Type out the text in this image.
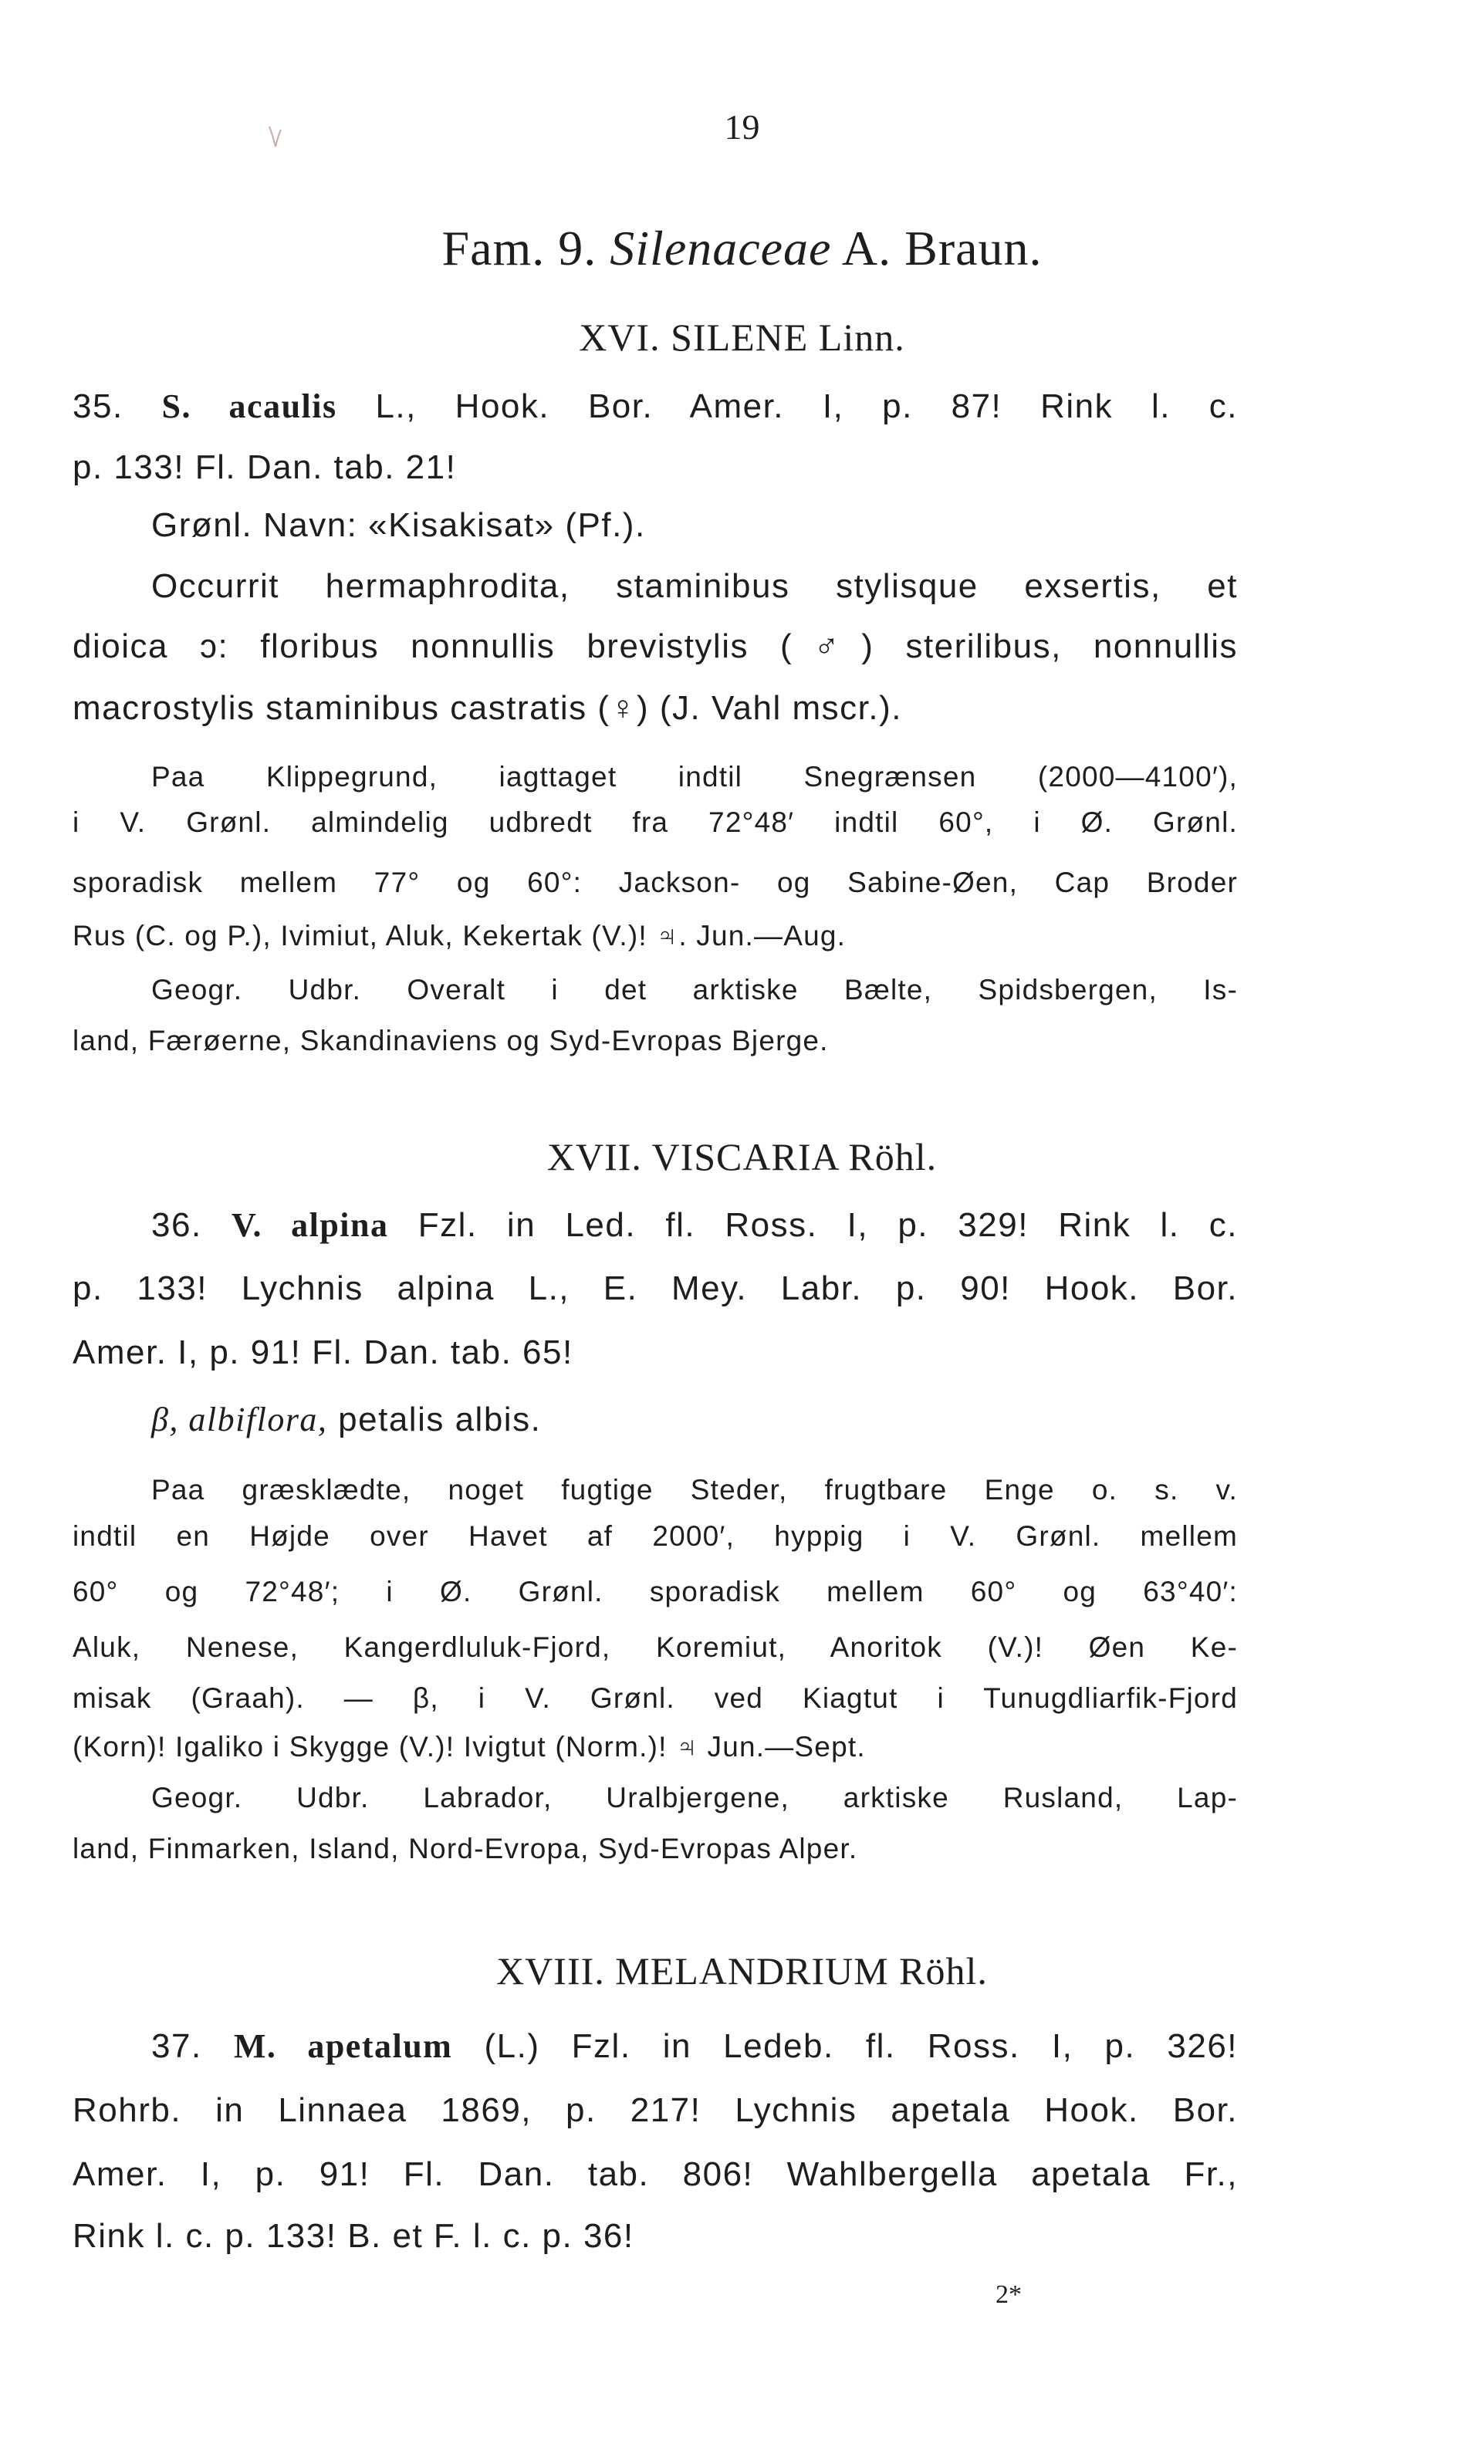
19
Fam. 9. Silenaceae A. Braun.
XVI. SILENE Linn.
35. S. acaulis L., Hook. Bor. Amer. I, p. 87! Rink l. c.
p. 133! Fl. Dan. tab. 21!
Grønl. Navn: «Kisakisat» (Pf.).
Occurrit hermaphrodita, staminibus stylisque exsertis, et
dioica ɔ: floribus nonnullis brevistylis (♂) sterilibus, nonnullis
macrostylis staminibus castratis (♀) (J. Vahl mscr.).
Paa Klippegrund, iagttaget indtil Snegrænsen (2000—4100′),
i V. Grønl. almindelig udbredt fra 72°48′ indtil 60°, i Ø. Grønl.
sporadisk mellem 77° og 60°: Jackson- og Sabine-Øen, Cap Broder
Rus (C. og P.), Ivimiut, Aluk, Kekertak (V.)! ♃. Jun.—Aug.
Geogr. Udbr. Overalt i det arktiske Bælte, Spidsbergen, Is-
land, Færøerne, Skandinaviens og Syd-Evropas Bjerge.
XVII. VISCARIA Röhl.
36. V. alpina Fzl. in Led. fl. Ross. I, p. 329! Rink l. c.
p. 133! Lychnis alpina L., E. Mey. Labr. p. 90! Hook. Bor.
Amer. I, p. 91! Fl. Dan. tab. 65!
β, albiflora, petalis albis.
Paa græsklædte, noget fugtige Steder, frugtbare Enge o. s. v.
indtil en Højde over Havet af 2000′, hyppig i V. Grønl. mellem
60° og 72°48′; i Ø. Grønl. sporadisk mellem 60° og 63°40′:
Aluk, Nenese, Kangerdluluk-Fjord, Koremiut, Anoritok (V.)! Øen Ke-
misak (Graah). — β, i V. Grønl. ved Kiagtut i Tunugdliarfik-Fjord
(Korn)! Igaliko i Skygge (V.)! Ivigtut (Norm.)! ♃ Jun.—Sept.
Geogr. Udbr. Labrador, Uralbjergene, arktiske Rusland, Lap-
land, Finmarken, Island, Nord-Evropa, Syd-Evropas Alper.
XVIII. MELANDRIUM Röhl.
37. M. apetalum (L.) Fzl. in Ledeb. fl. Ross. I, p. 326!
Rohrb. in Linnaea 1869, p. 217! Lychnis apetala Hook. Bor.
Amer. I, p. 91! Fl. Dan. tab. 806! Wahlbergella apetala Fr.,
Rink l. c. p. 133! B. et F. l. c. p. 36!
2*
